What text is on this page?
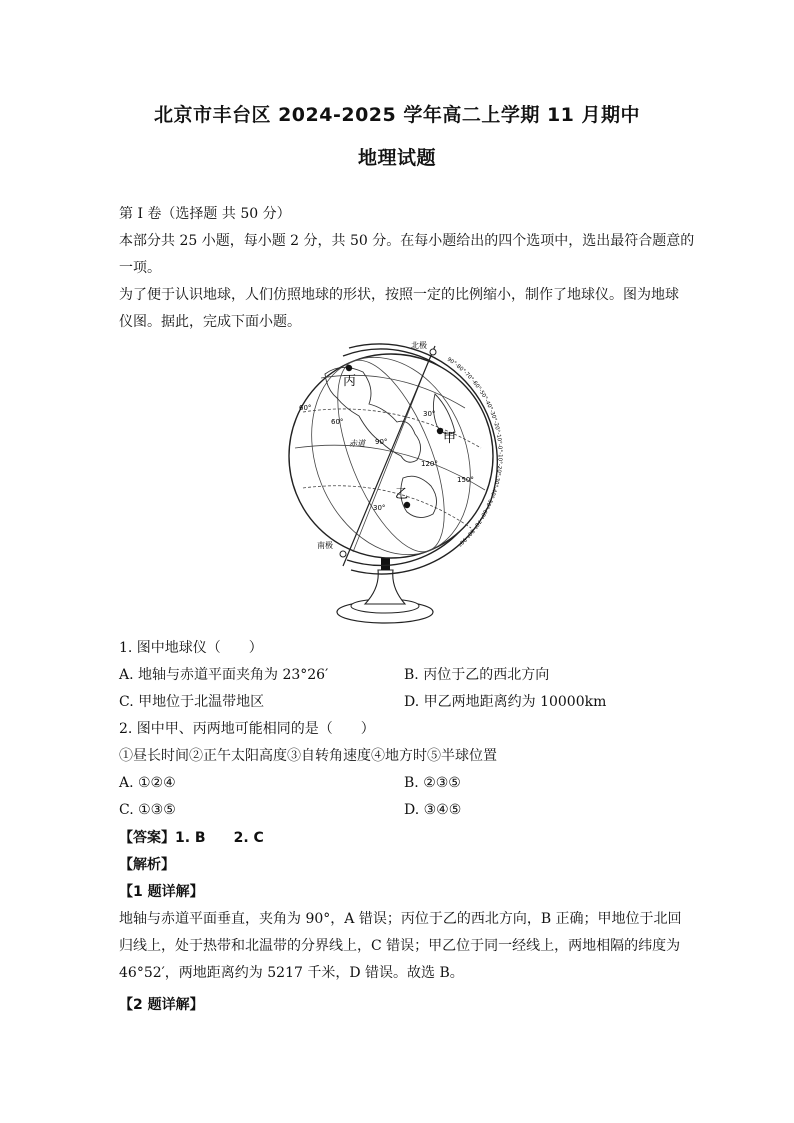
北京市丰台区 2024-2025 学年高二上学期 11 月期中
地理试题
第 I 卷（选择题 共 50 分）
本部分共 25 小题，每小题 2 分，共 50 分。在每小题给出的四个选项中，选出最符合题意的
一项。
为了便于认识地球，人们仿照地球的形状，按照一定的比例缩小，制作了地球仪。图为地球
仪图。据此，完成下面小题。
北极
南极
赤道
60°
60°
30°
90°
30°
150°
120°
丙
甲
乙
90°-80°-70°-60°-50°-40°-30°-20°-10°-0°-10°-20°-30°-40°-50°-60°-70°-80°-90°
1. 图中地球仪（　　）
A. 地轴与赤道平面夹角为 23°26′	B. 丙位于乙的西北方向
C. 甲地位于北温带地区	D. 甲乙两地距离约为 10000km
2. 图中甲、丙两地可能相同的是（　　）
①昼长时间②正午太阳高度③自转角速度④地方时⑤半球位置
A. ①②④	B. ②③⑤
C. ①③⑤	D. ③④⑤
【答案】1. B　　2. C
【解析】
【1 题详解】
地轴与赤道平面垂直，夹角为 90°，A 错误；丙位于乙的西北方向，B 正确；甲地位于北回
归线上，处于热带和北温带的分界线上，C 错误；甲乙位于同一经线上，两地相隔的纬度为
46°52′，两地距离约为 5217 千米，D 错误。故选 B。
【2 题详解】
